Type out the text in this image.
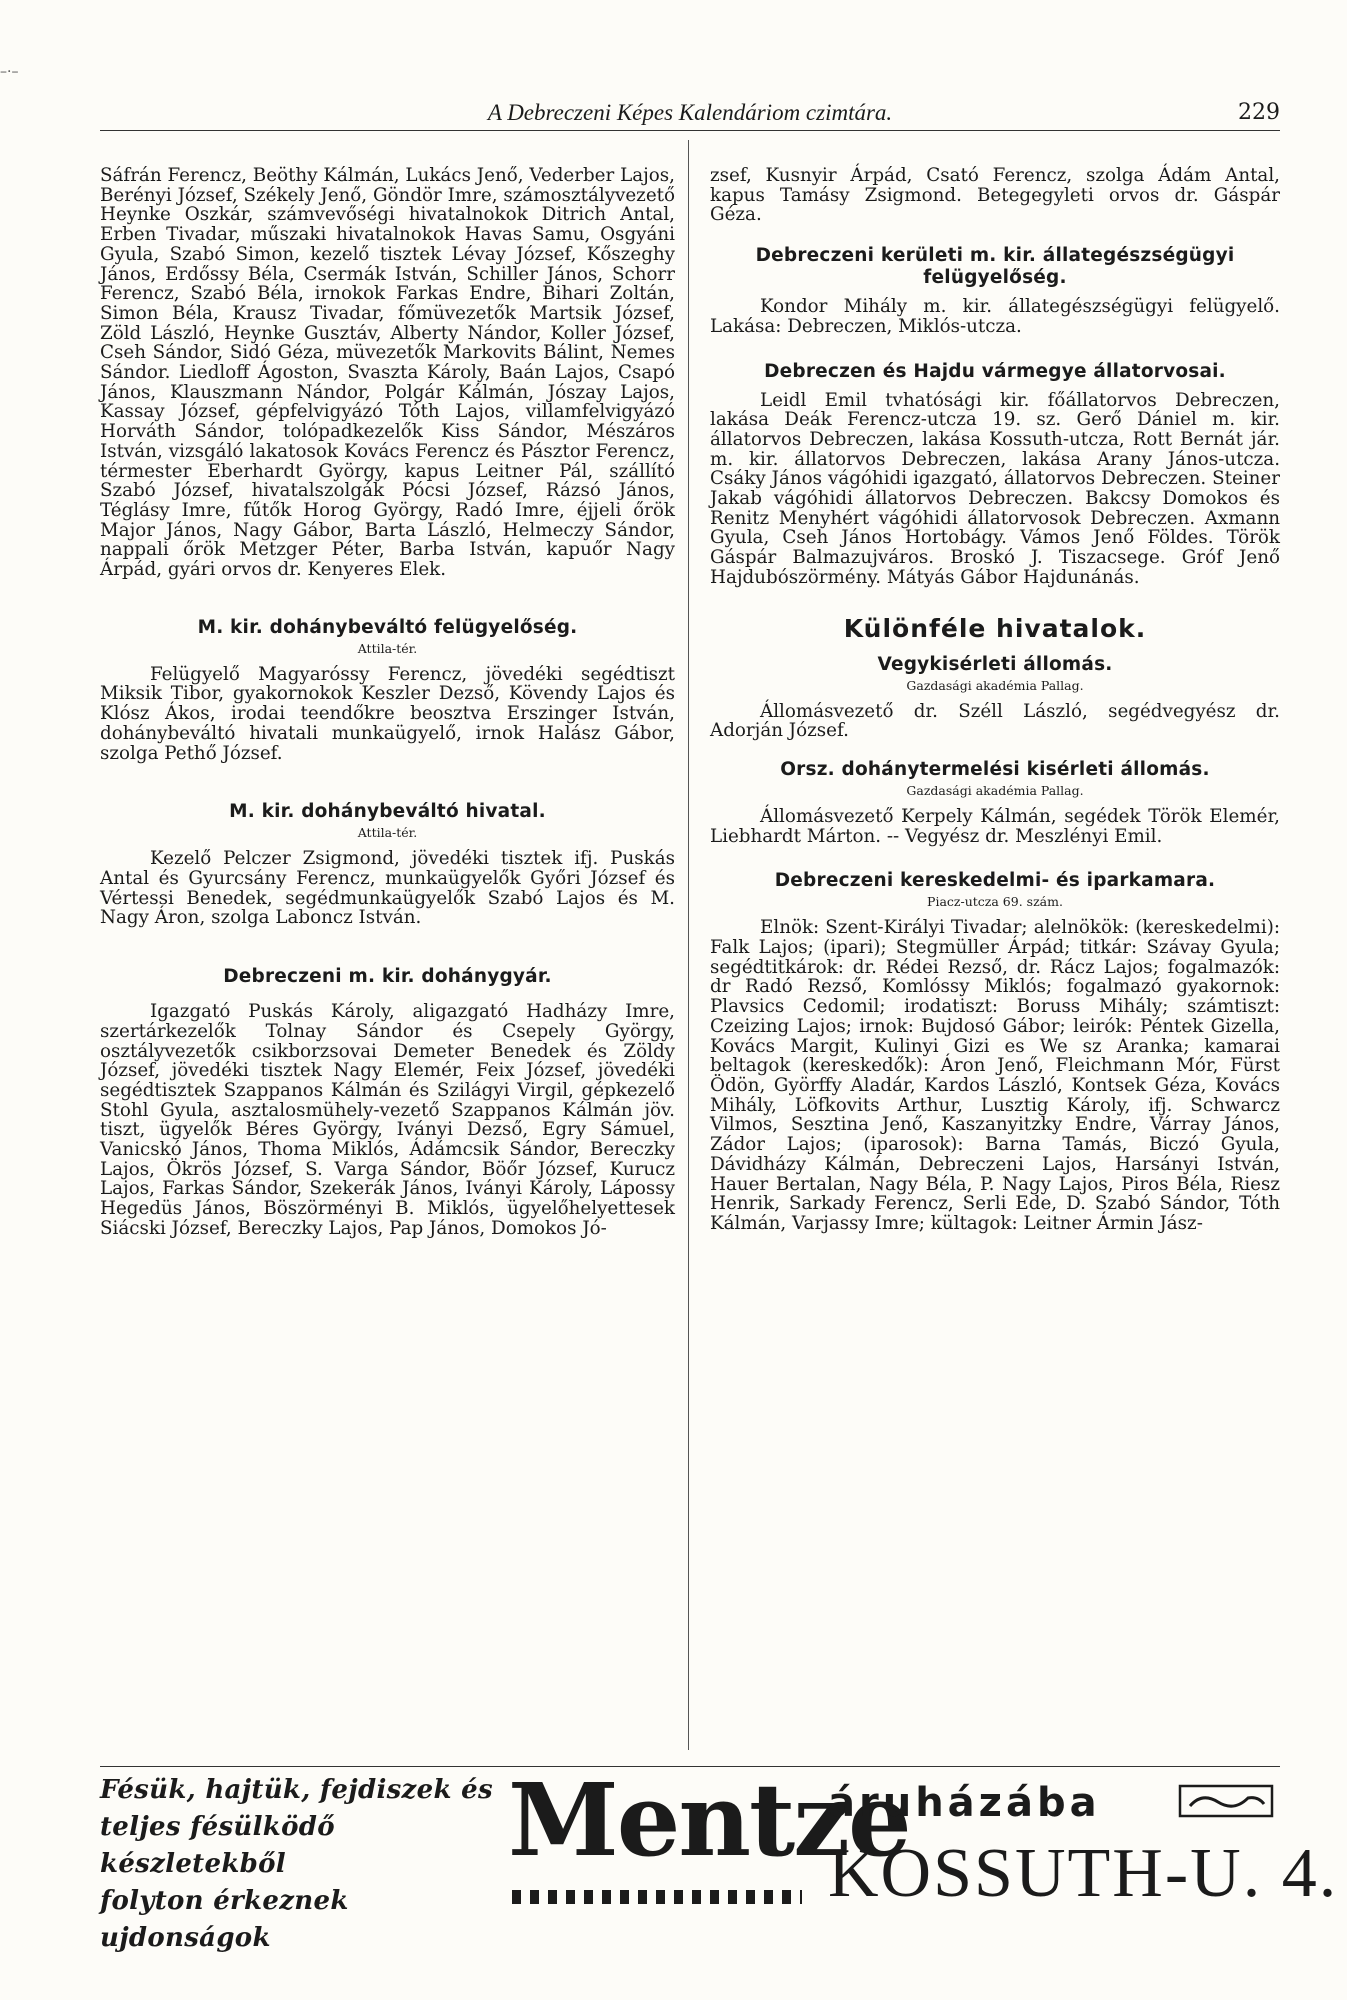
–·–
A Debreczeni Képes Kalendáriom czimtára.	229

Sáfrán Ferencz, Beöthy Kálmán, Lukács Jenő, Vederber Lajos, Berényi József, Székely Jenő, Göndör Imre, számosztályvezető Heynke Oszkár, számvevőségi hivatalnokok Ditrich Antal, Erben Tivadar, műszaki hivatalnokok Havas Samu, Osgyáni Gyula, Szabó Simon, kezelő tisztek Lévay József, Kőszeghy János, Erdőssy Béla, Csermák István, Schiller János, Schorr Ferencz, Szabó Béla, irnokok Farkas Endre, Bihari Zoltán, Simon Béla, Krausz Tivadar, főmüvezetők Martsik József, Zöld László, Heynke Gusztáv, Alberty Nándor, Koller József, Cseh Sándor, Sidó Géza, müvezetők Markovits Bálint, Nemes Sándor. Liedloff Ágoston, Svaszta Károly, Baán Lajos, Csapó János, Klauszmann Nándor, Polgár Kálmán, Jószay Lajos, Kassay József, gépfelvigyázó Tóth Lajos, villamfelvigyázó Horváth Sándor, tolópadkezelők Kiss Sándor, Mészáros István, vizsgáló lakatosok Kovács Ferencz és Pásztor Ferencz, térmester Eberhardt György, kapus Leitner Pál, szállító Szabó József, hivatalszolgák Pócsi József, Rázsó János, Téglásy Imre, fűtők Horog György, Radó Imre, éjjeli őrök Major János, Nagy Gábor, Barta László, Helmeczy Sándor, nappali őrök Metzger Péter, Barba István, kapuőr Nagy Árpád, gyári orvos dr. Kenyeres Elek.

M. kir. dohánybeváltó felügyelőség.
Attila-tér.

Felügyelő Magyaróssy Ferencz, jövedéki segédtiszt Miksik Tibor, gyakornokok Keszler Dezső, Kövendy Lajos és Klósz Ákos, irodai teendőkre beosztva Erszinger István, dohánybeváltó hivatali munkaügyelő, irnok Halász Gábor, szolga Pethő József.

M. kir. dohánybeváltó hivatal.
Attila-tér.

Kezelő Pelczer Zsigmond, jövedéki tisztek ifj. Puskás Antal és Gyurcsány Ferencz, munkaügyelők Győri József és Vértessi Benedek, segédmunkaügyelők Szabó Lajos és M. Nagy Áron, szolga Laboncz István.

Debreczeni m. kir. dohánygyár.

Igazgató Puskás Károly, aligazgató Hadházy Imre, szertárkezelők Tolnay Sándor és Csepely György, osztályvezetők csikborzsovai Demeter Benedek és Zöldy József, jövedéki tisztek Nagy Elemér, Feix József, jövedéki segédtisztek Szappanos Kálmán és Szilágyi Virgil, gépkezelő Stohl Gyula, asztalosmühely-vezető Szappanos Kálmán jöv. tiszt, ügyelők Béres György, Iványi Dezső, Egry Sámuel, Vanicskó János, Thoma Miklós, Ádámcsik Sándor, Bereczky Lajos, Ökrös József, S. Varga Sándor, Böőr József, Kurucz Lajos, Farkas Sándor, Szekerák János, Iványi Károly, Lápossy Hegedüs János, Böszörményi B. Miklós, ügyelőhelyettesek Siácski József, Bereczky Lajos, Pap János, Domokos Jó-

zsef, Kusnyir Árpád, Csató Ferencz, szolga Ádám Antal, kapus Tamásy Zsigmond. Betegegyleti orvos dr. Gáspár Géza.

Debreczeni kerületi m. kir. állategészségügyi felügyelőség.

Kondor Mihály m. kir. állategészségügyi felügyelő. Lakása: Debreczen, Miklós-utcza.

Debreczen és Hajdu vármegye állatorvosai.

Leidl Emil tvhatósági kir. főállatorvos Debreczen, lakása Deák Ferencz-utcza 19. sz. Gerő Dániel m. kir. állatorvos Debreczen, lakása Kossuth-utcza, Rott Bernát jár. m. kir. állatorvos Debreczen, lakása Arany János-utcza. Csáky János vágóhidi igazgató, állatorvos Debreczen. Steiner Jakab vágóhidi állatorvos Debreczen. Bakcsy Domokos és Renitz Menyhért vágóhidi állatorvosok Debreczen. Axmann Gyula, Cseh János Hortobágy. Vámos Jenő Földes. Török Gáspár Balmazujváros. Broskó J. Tiszacsege. Gróf Jenő Hajdubószörmény. Mátyás Gábor Hajdunánás.

Különféle hivatalok.
Vegykisérleti állomás.
Gazdasági akadémia Pallag.

Állomásvezető dr. Széll László, segédvegyész dr. Adorján József.

Orsz. dohánytermelési kisérleti állomás.
Gazdasági akadémia Pallag.

Állomásvezető Kerpely Kálmán, segédek Török Elemér, Liebhardt Márton. -- Vegyész dr. Meszlényi Emil.

Debreczeni kereskedelmi- és iparkamara.
Piacz-utcza 69. szám.

Elnök: Szent-Királyi Tivadar; alelnökök: (kereskedelmi): Falk Lajos; (ipari); Stegmüller Árpád; titkár: Szávay Gyula; segédtitkárok: dr. Rédei Rezső, dr. Rácz Lajos; fogalmazók: dr Radó Rezső, Komlóssy Miklós; fogalmazó gyakornok: Plavsics Cedomil; irodatiszt: Boruss Mihály; számtiszt: Czeizing Lajos; irnok: Bujdosó Gábor; leirók: Péntek Gizella, Kovács Margit, Kulinyi Gizi es We sz Aranka; kamarai beltagok (kereskedők): Áron Jenő, Fleichmann Mór, Fürst Ödön, Györffy Aladár, Kardos László, Kontsek Géza, Kovács Mihály, Löfkovits Arthur, Lusztig Károly, ifj. Schwarcz Vilmos, Sesztina Jenő, Kaszanyitzky Endre, Várray János, Zádor Lajos; (iparosok): Barna Tamás, Biczó Gyula, Dávidházy Kálmán, Debreczeni Lajos, Harsányi István, Hauer Bertalan, Nagy Béla, P. Nagy Lajos, Piros Béla, Riesz Henrik, Sarkady Ferencz, Serli Ede, D. Szabó Sándor, Tóth Kálmán, Varjassy Imre; kültagok: Leitner Ármin Jász-

Fésük, hajtük, fejdiszek és
teljes fésülködő készletekből
folyton érkeznek ujdonságok
Mentze
áruházába
KOSSUTH-U. 4.
